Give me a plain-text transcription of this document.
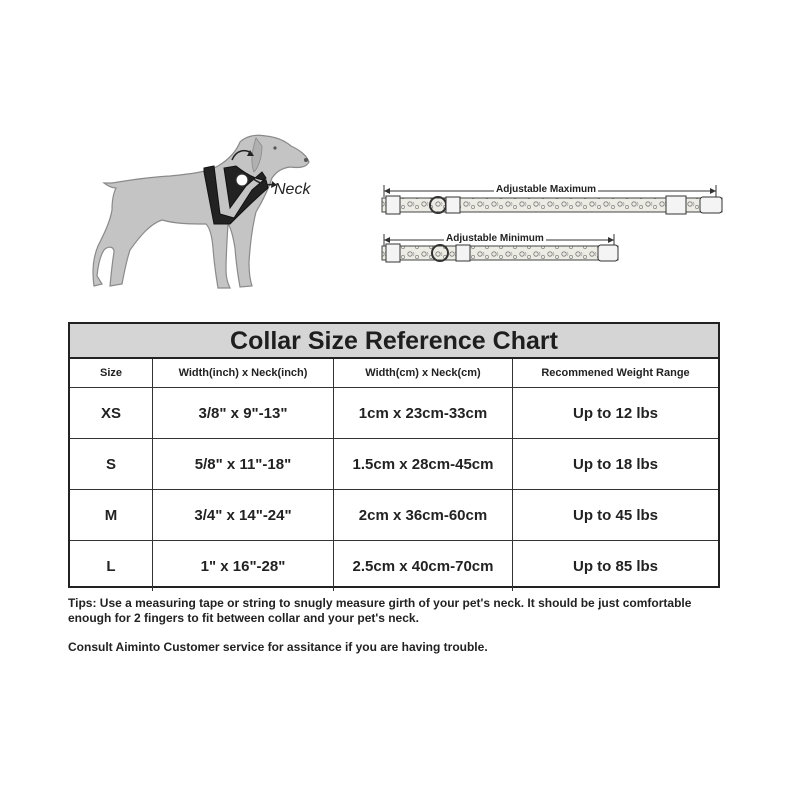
Neck	Adjustable Maximum
Adjustable Minimum
Collar Size Reference Chart
Size	Width(inch) x Neck(inch)	Width(cm) x Neck(cm)	Recommened Weight Range
XS	3/8" x 9"-13"	1cm x 23cm-33cm	Up to 12 lbs
S	5/8" x 11"-18"	1.5cm x 28cm-45cm	Up to 18 lbs
M	3/4" x 14"-24"	2cm x 36cm-60cm	Up to 45 lbs
L	1" x 16"-28"	2.5cm x 40cm-70cm	Up to 85 lbs
Tips: Use a measuring tape or string to snugly measure girth of your pet's neck. It should be just comfortable enough for 2 fingers to fit between collar and your pet's neck.
Consult Aiminto Customer service for assitance if you are having trouble.
